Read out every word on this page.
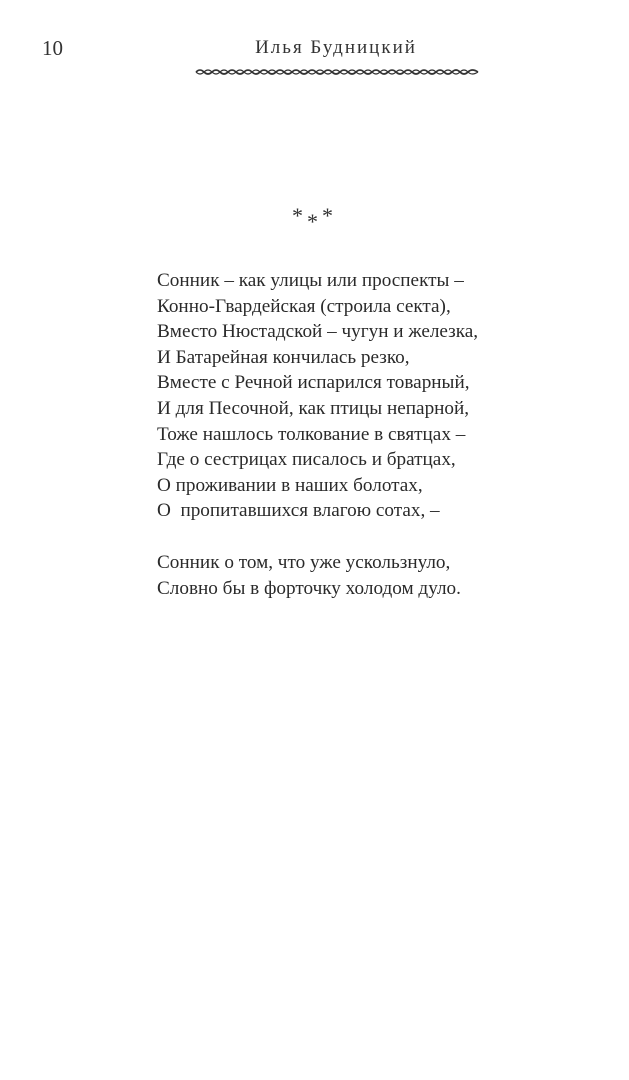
10	Илья Будницкий
***
Сонник – как улицы или проспекты –
Конно-Гвардейская (строила секта),
Вместо Нюстадской – чугун и железка,
И Батарейная кончилась резко,
Вместе с Речной испарился товарный,
И для Песочной, как птицы непарной,
Тоже нашлось толкование в святцах –
Где о сестрицах писалось и братцах,
О проживании в наших болотах,
О  пропитавшихся влагою сотах, –
Сонник о том, что уже ускользнуло,
Словно бы в форточку холодом дуло.
